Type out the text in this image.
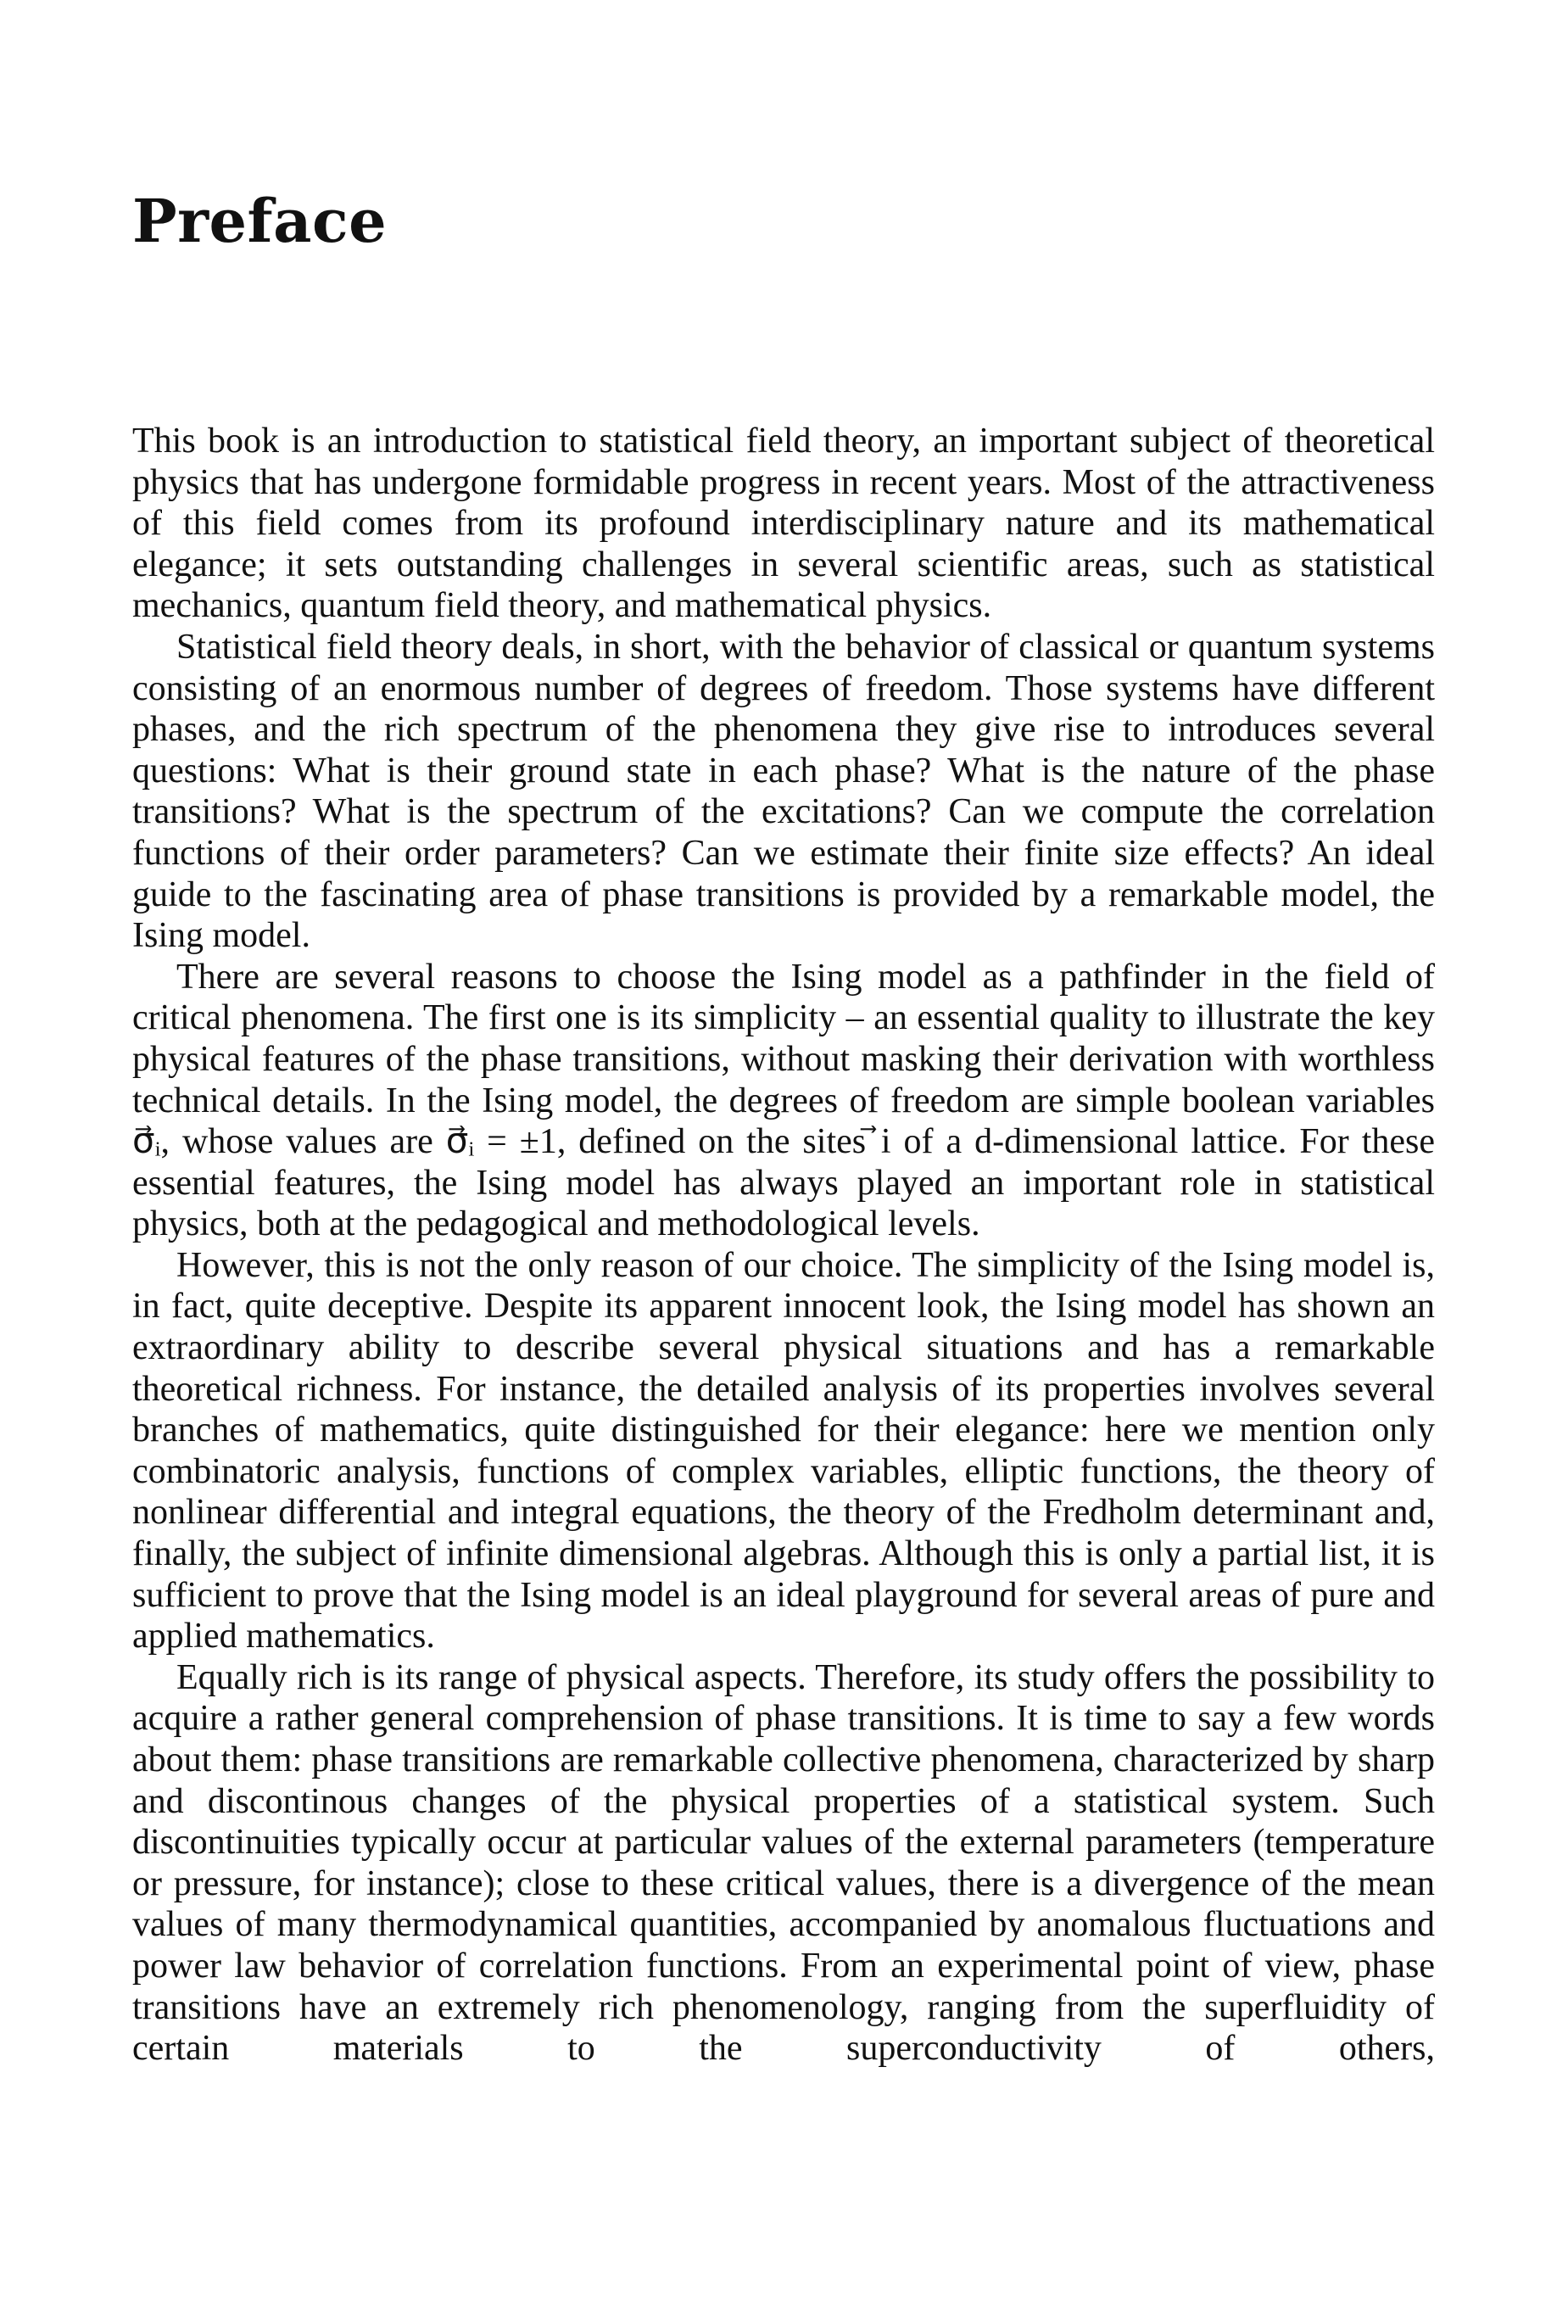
Preface

This book is an introduction to statistical field theory, an important subject of theoretical physics that has undergone formidable progress in recent years. Most of the attractiveness of this field comes from its profound interdisciplinary nature and its mathematical elegance; it sets outstanding challenges in several scientific areas, such as statistical mechanics, quantum field theory, and mathematical physics.

Statistical field theory deals, in short, with the behavior of classical or quantum systems consisting of an enormous number of degrees of freedom. Those systems have different phases, and the rich spectrum of the phenomena they give rise to introduces several questions: What is their ground state in each phase? What is the nature of the phase transitions? What is the spectrum of the excitations? Can we compute the correlation functions of their order parameters? Can we estimate their finite size effects? An ideal guide to the fascinating area of phase transitions is provided by a remarkable model, the Ising model.

There are several reasons to choose the Ising model as a pathfinder in the field of critical phenomena. The first one is its simplicity – an essential quality to illustrate the key physical features of the phase transitions, without masking their derivation with worthless technical details. In the Ising model, the degrees of freedom are simple boolean variables σ⃗ᵢ, whose values are σ⃗ᵢ = ±1, defined on the sites ⃗i of a d-dimensional lattice. For these essential features, the Ising model has always played an important role in statistical physics, both at the pedagogical and methodological levels.

However, this is not the only reason of our choice. The simplicity of the Ising model is, in fact, quite deceptive. Despite its apparent innocent look, the Ising model has shown an extraordinary ability to describe several physical situations and has a remarkable theoretical richness. For instance, the detailed analysis of its properties involves several branches of mathematics, quite distinguished for their elegance: here we mention only combinatoric analysis, functions of complex variables, elliptic functions, the theory of nonlinear differential and integral equations, the theory of the Fredholm determinant and, finally, the subject of infinite dimensional algebras. Although this is only a partial list, it is sufficient to prove that the Ising model is an ideal playground for several areas of pure and applied mathematics.

Equally rich is its range of physical aspects. Therefore, its study offers the possibility to acquire a rather general comprehension of phase transitions. It is time to say a few words about them: phase transitions are remarkable collective phenomena, characterized by sharp and discontinous changes of the physical properties of a statistical system. Such discontinuities typically occur at particular values of the external parameters (temperature or pressure, for instance); close to these critical values, there is a divergence of the mean values of many thermodynamical quantities, accompanied by anomalous fluctuations and power law behavior of correlation functions. From an experimental point of view, phase transitions have an extremely rich phenomenology, ranging from the superfluidity of certain materials to the superconductivity of others,
